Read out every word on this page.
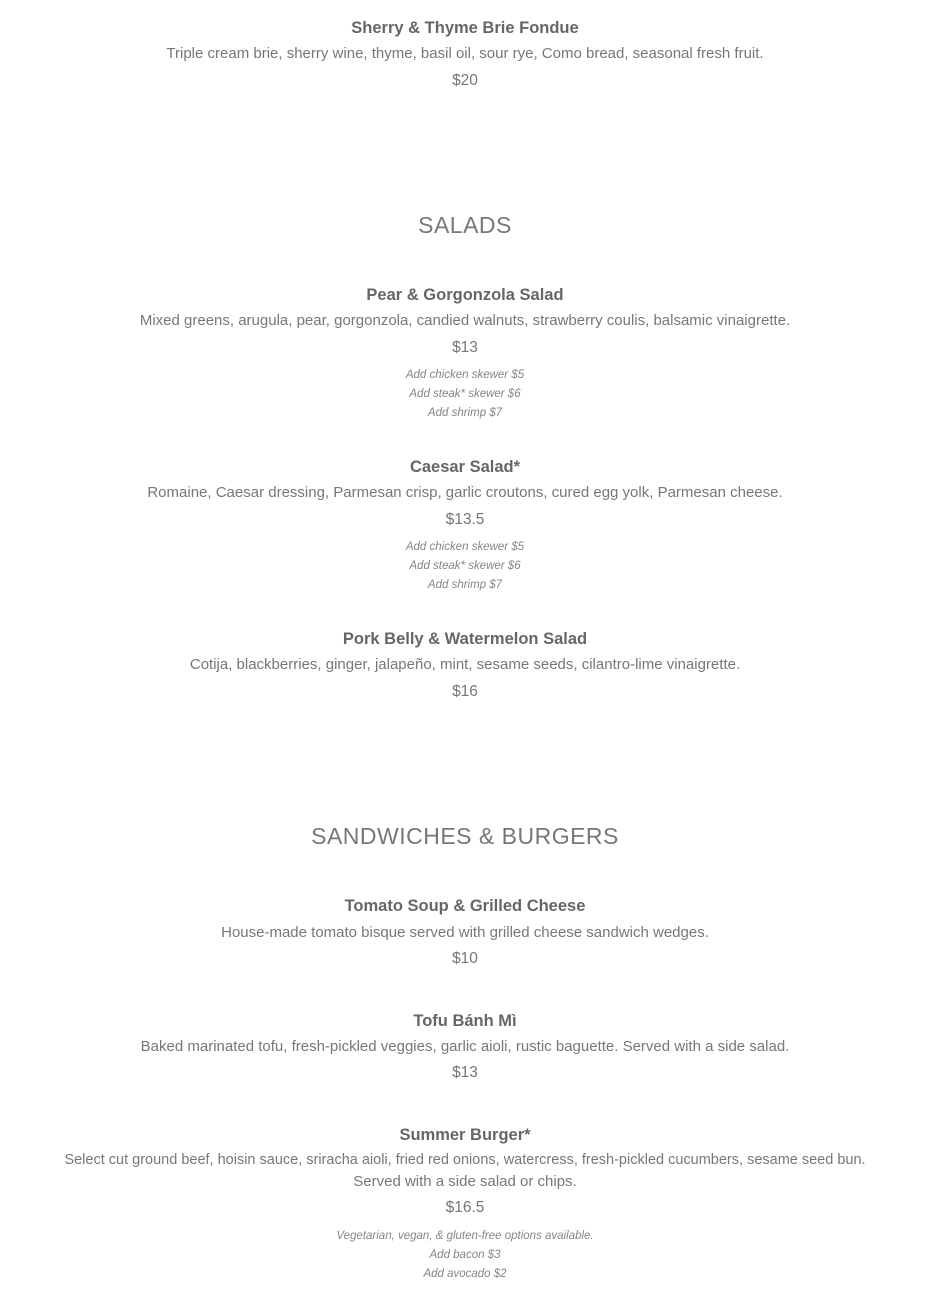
Sherry & Thyme Brie Fondue
Triple cream brie, sherry wine, thyme, basil oil, sour rye, Como bread, seasonal fresh fruit.
$20
SALADS
Pear & Gorgonzola Salad
Mixed greens, arugula, pear, gorgonzola, candied walnuts, strawberry coulis, balsamic vinaigrette.
$13
Add chicken skewer $5
Add steak* skewer $6
Add shrimp $7
Caesar Salad*
Romaine, Caesar dressing, Parmesan crisp, garlic croutons, cured egg yolk, Parmesan cheese.
$13.5
Add chicken skewer $5
Add steak* skewer $6
Add shrimp $7
Pork Belly & Watermelon Salad
Cotija, blackberries, ginger, jalapeño, mint, sesame seeds, cilantro-lime vinaigrette.
$16
SANDWICHES & BURGERS
Tomato Soup & Grilled Cheese
House-made tomato bisque served with grilled cheese sandwich wedges.
$10
Tofu Bánh Mì
Baked marinated tofu, fresh-pickled veggies, garlic aioli, rustic baguette. Served with a side salad.
$13
Summer Burger*
Select cut ground beef, hoisin sauce, sriracha aioli, fried red onions, watercress, fresh-pickled cucumbers, sesame seed bun.
Served with a side salad or chips.
$16.5
Vegetarian, vegan, & gluten-free options available.
Add bacon $3
Add avocado $2
